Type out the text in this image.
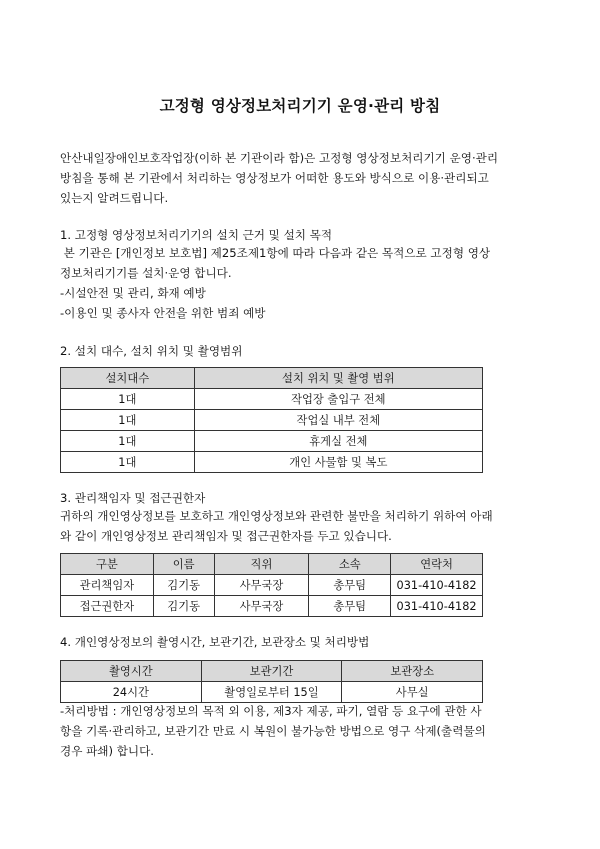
고정형 영상정보처리기기 운영·관리 방침
안산내일장애인보호작업장(이하 본 기관이라 함)은 고정형 영상정보처리기기 운영·관리
방침을 통해 본 기관에서 처리하는 영상정보가 어떠한 용도와 방식으로 이용·관리되고
있는지 알려드립니다.
1. 고정형 영상정보처리기기의 설치 근거 및 설치 목적
본 기관은 [개인정보 보호법] 제25조제1항에 따라 다음과 같은 목적으로 고정형 영상
정보처리기기를 설치·운영 합니다.
-시설안전 및 관리, 화재 예방
-이용인 및 종사자 안전을 위한 범죄 예방
2. 설치 대수, 설치 위치 및 촬영범위
설치대수	설치 위치 및 촬영 범위
1대	작업장 출입구 전체
1대	작업실 내부 전체
1대	휴게실 전체
1대	개인 사물함 및 복도
3. 관리책임자 및 접근권한자
귀하의 개인영상정보를 보호하고 개인영상정보와 관련한 불만을 처리하기 위하여 아래
와 같이 개인영상정보 관리책임자 및 접근권한자를 두고 있습니다.
구분	이름	직위	소속	연락처
관리책임자	김기동	사무국장	총무팀	031-410-4182
접근권한자	김기동	사무국장	총무팀	031-410-4182
4. 개인영상정보의 촬영시간, 보관기간, 보관장소 및 처리방법
촬영시간	보관기간	보관장소
24시간	촬영일로부터 15일	사무실
-처리방법 : 개인영상정보의 목적 외 이용, 제3자 제공, 파기, 열람 등 요구에 관한 사
항을 기록·관리하고, 보관기간 만료 시 복원이 불가능한 방법으로 영구 삭제(출력물의
경우 파쇄) 합니다.
